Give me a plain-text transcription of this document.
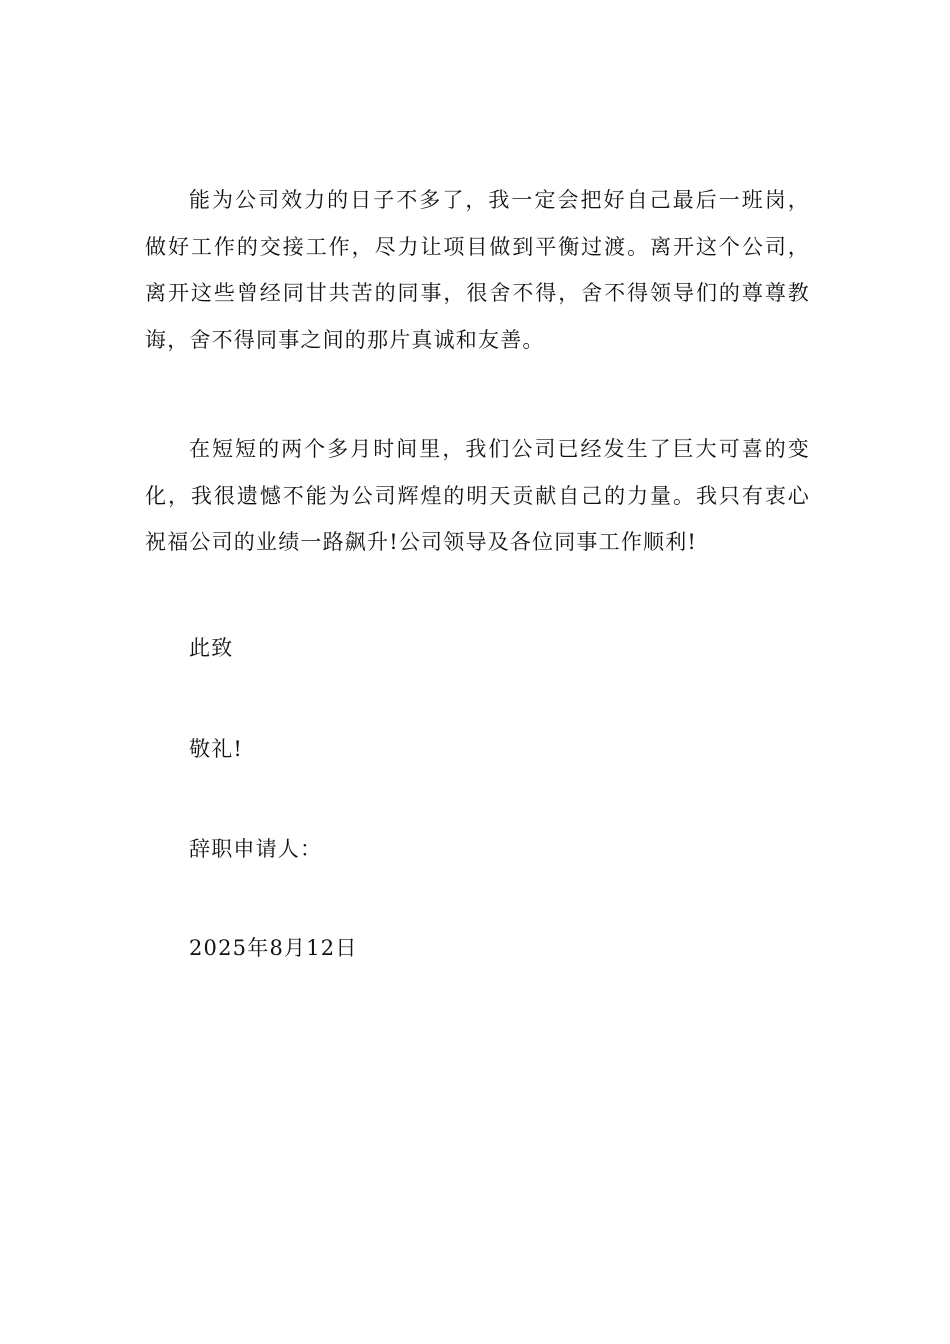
能为公司效力的日子不多了，我一定会把好自己最后一班岗，做好工作的交接工作，尽力让项目做到平衡过渡。离开这个公司，离开这些曾经同甘共苦的同事，很舍不得，舍不得领导们的尊尊教诲，舍不得同事之间的那片真诚和友善。

在短短的两个多月时间里，我们公司已经发生了巨大可喜的变化，我很遗憾不能为公司辉煌的明天贡献自己的力量。我只有衷心祝福公司的业绩一路飙升!公司领导及各位同事工作顺利!

此致

敬礼!

辞职申请人：

2025年8月12日
